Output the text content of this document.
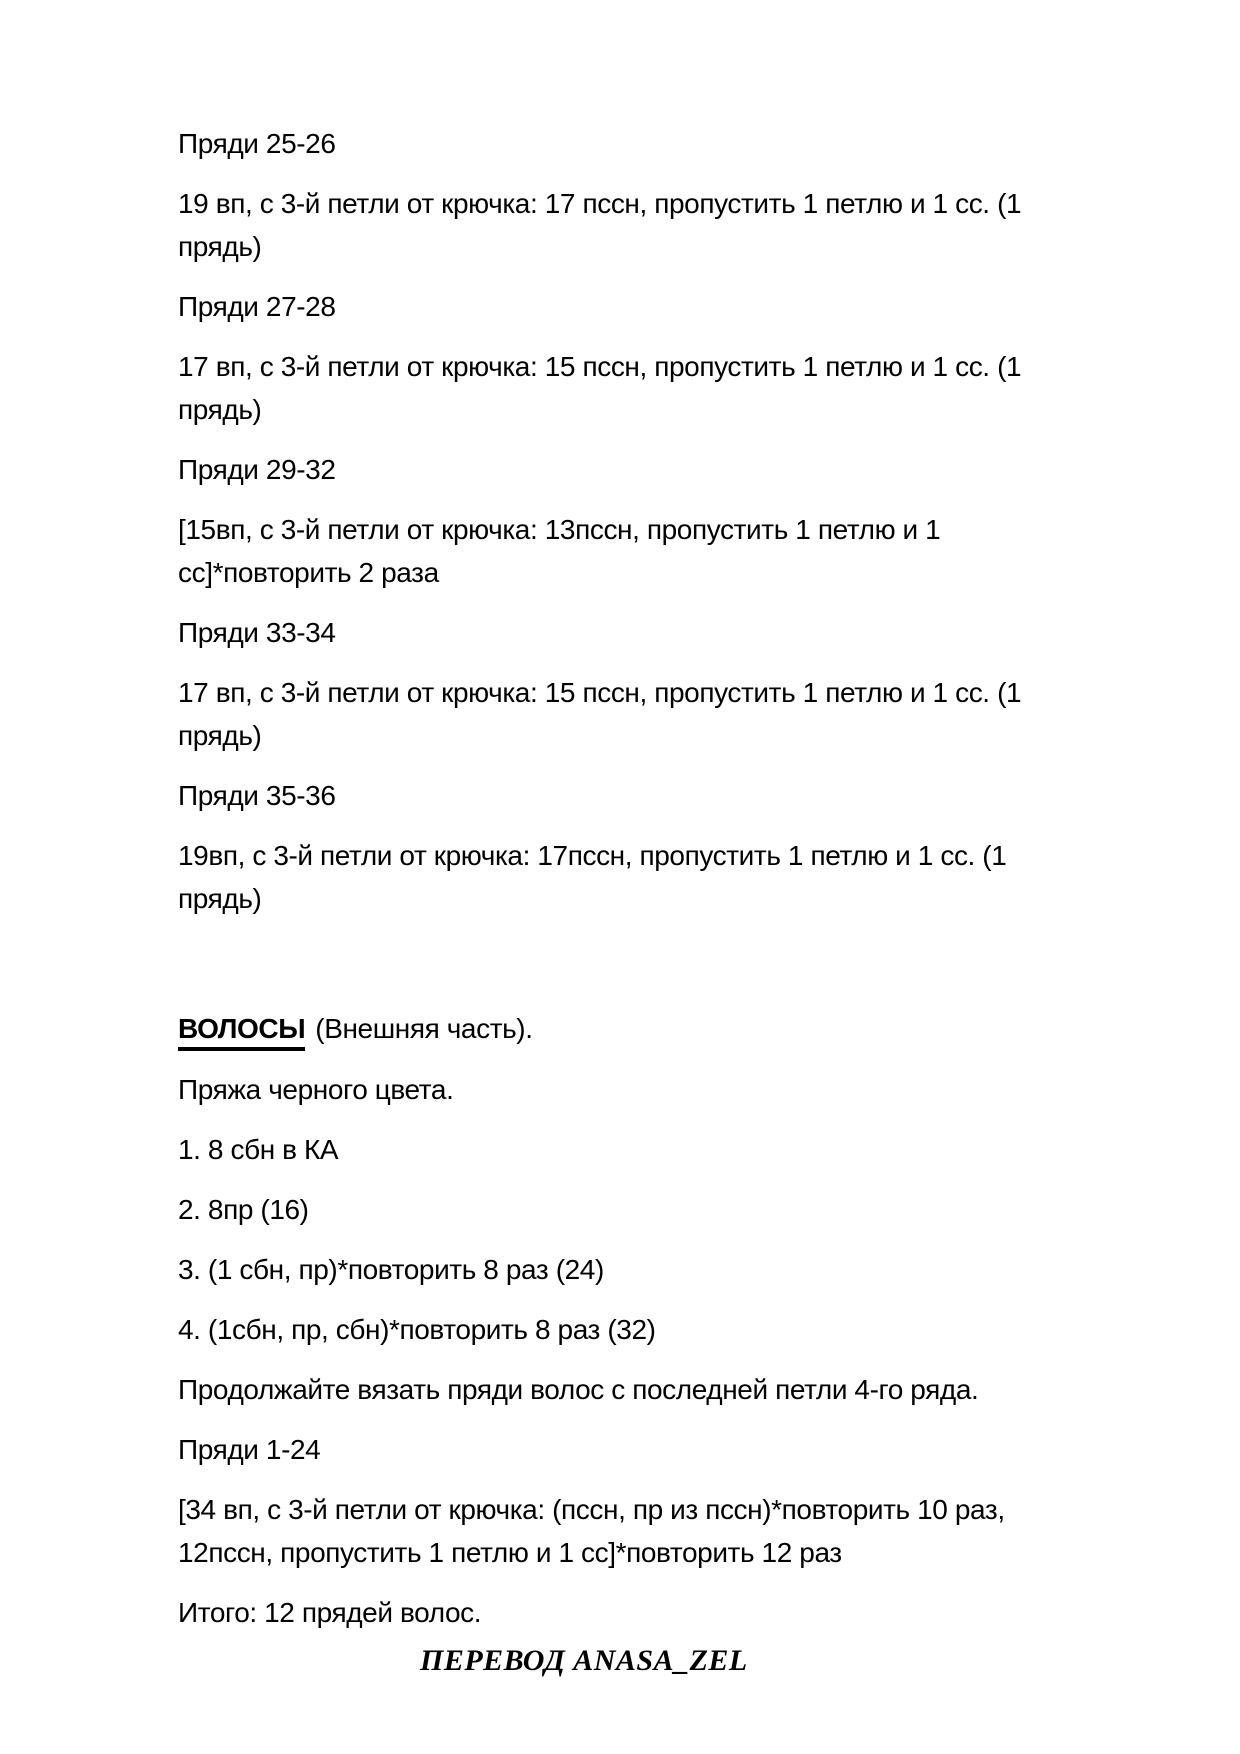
Пряди 25-26

19 вп, с 3-й петли от крючка: 17 пссн, пропустить 1 петлю и 1 сс. (1
прядь)

Пряди 27-28

17 вп, с 3-й петли от крючка: 15 пссн, пропустить 1 петлю и 1 сс. (1
прядь)

Пряди 29-32

[15вп, с 3-й петли от крючка: 13пссн, пропустить 1 петлю и 1
сс]*повторить 2 раза

Пряди 33-34

17 вп, с 3-й петли от крючка: 15 пссн, пропустить 1 петлю и 1 сс. (1
прядь)

Пряди 35-36

19вп, с 3-й петли от крючка: 17пссн, пропустить 1 петлю и 1 сс. (1
прядь)

ВОЛОСЫ (Внешняя часть).

Пряжа черного цвета.

1. 8 сбн в КА

2. 8пр (16)

3. (1 сбн, пр)*повторить 8 раз (24)

4. (1сбн, пр, сбн)*повторить 8 раз (32)

Продолжайте вязать пряди волос с последней петли 4-го ряда.

Пряди 1-24

[34 вп, с 3-й петли от крючка: (пссн, пр из пссн)*повторить 10 раз,
12пссн, пропустить 1 петлю и 1 сс]*повторить 12 раз

Итого: 12 прядей волос.

ПЕРЕВОД ANASA_ZEL
